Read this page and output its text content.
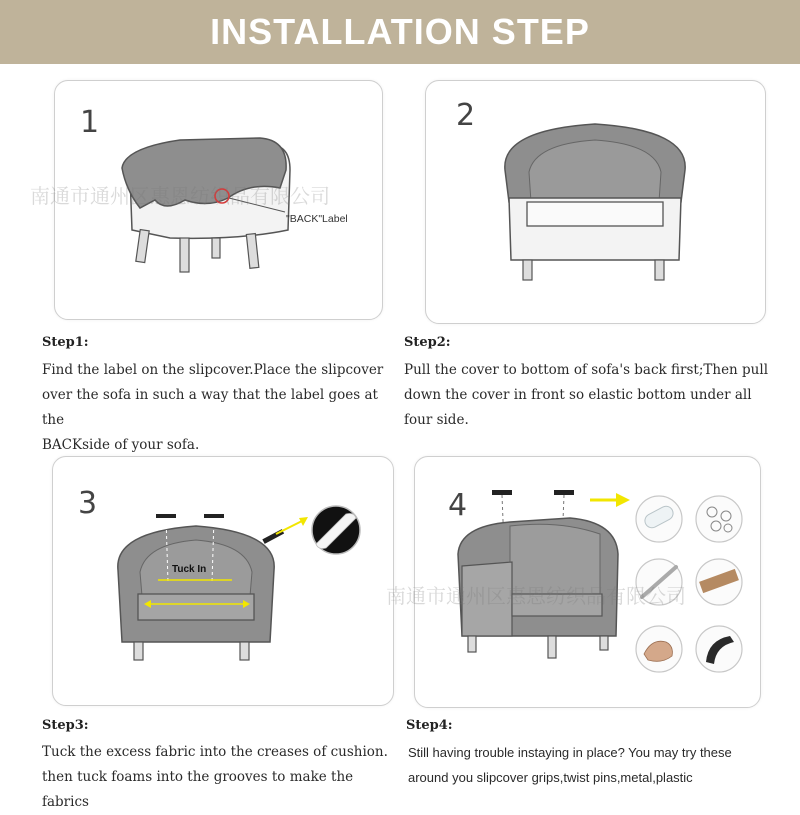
INSTALLATION STEP
1
"BACK"Label
2
南通市通州区惠恩纺织品有限公司
Step1:
Find the label on the slipcover.Place the slipcover
over the sofa in such a way that the label goes at the
BACKside of your sofa.
Step2:
Pull the cover to bottom of sofa's back first;Then pull
down the cover in front so elastic bottom under all
four side.
3
Tuck In
4
南通市通州区惠恩纺织品有限公司
Step3:
Tuck the excess fabric into the creases of cushion.
then tuck foams into the grooves to make the fabrics
Step4:
Still having trouble instaying in place? You may try these
around you slipcover grips,twist pins,metal,plastic
